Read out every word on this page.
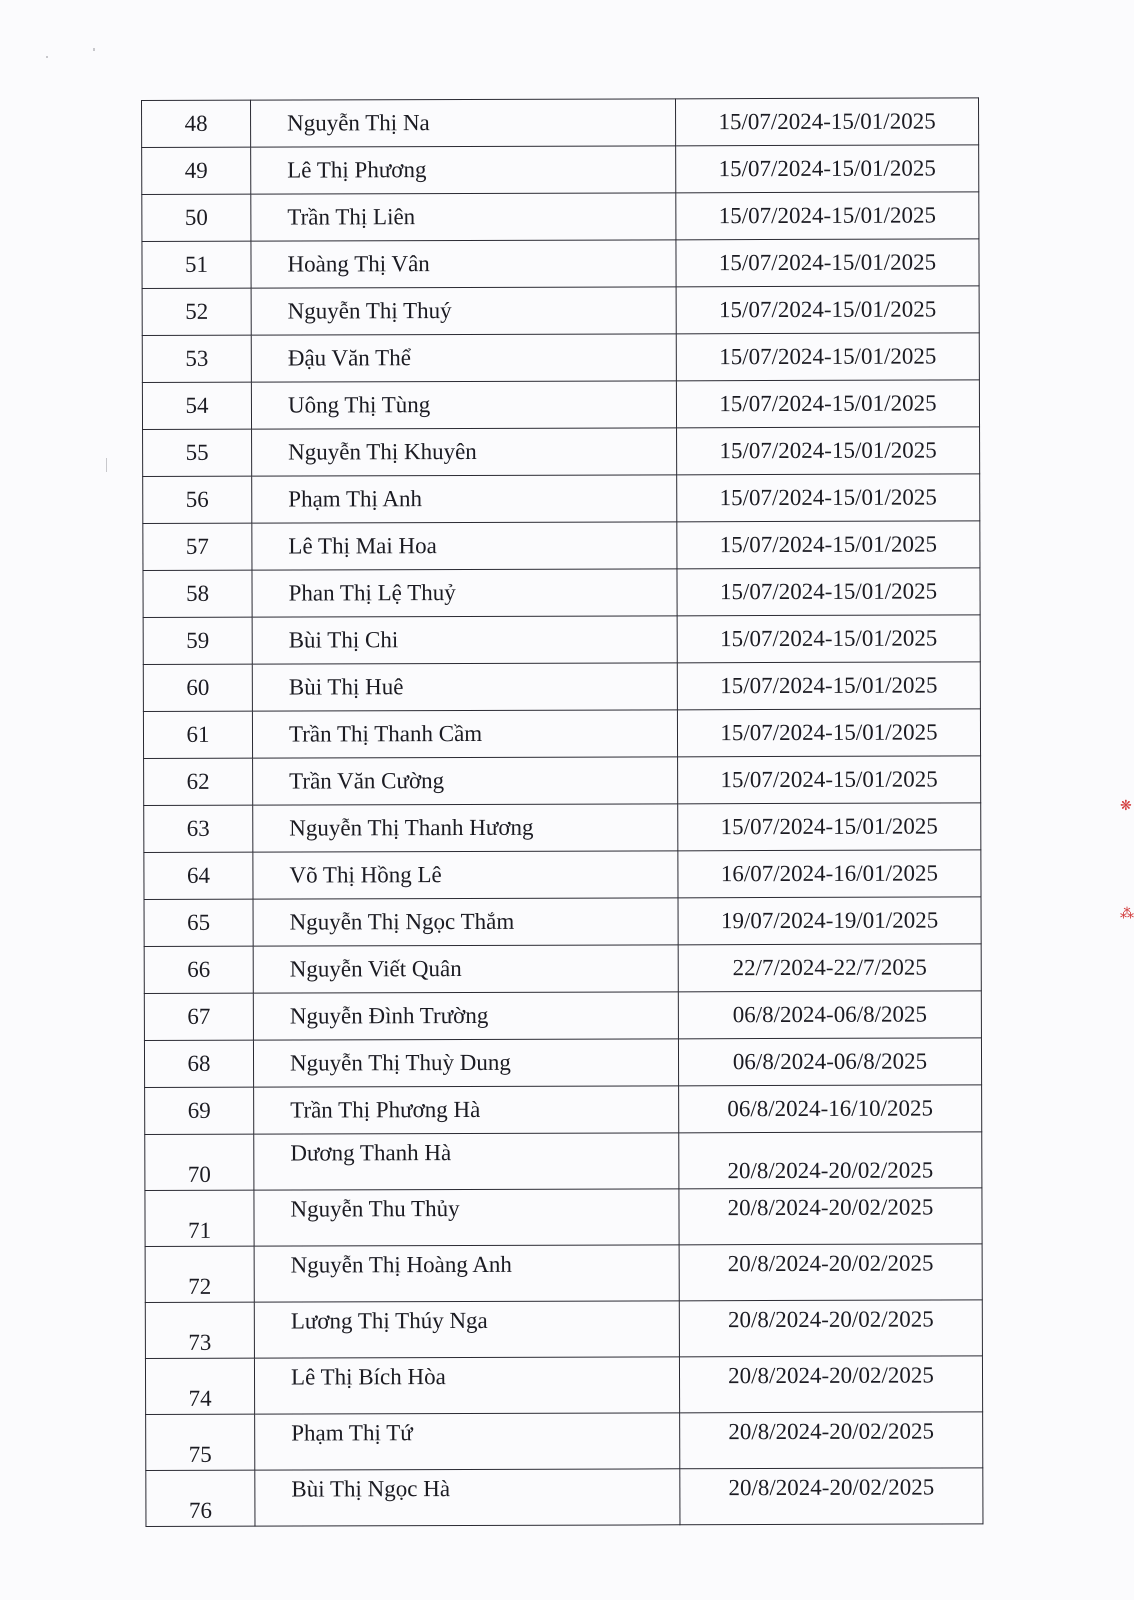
48	Nguyễn Thị Na	15/07/2024-15/01/2025
49	Lê Thị Phương	15/07/2024-15/01/2025
50	Trần Thị Liên	15/07/2024-15/01/2025
51	Hoàng Thị Vân	15/07/2024-15/01/2025
52	Nguyễn Thị Thuý	15/07/2024-15/01/2025
53	Đậu Văn Thể	15/07/2024-15/01/2025
54	Uông Thị Tùng	15/07/2024-15/01/2025
55	Nguyễn Thị Khuyên	15/07/2024-15/01/2025
56	Phạm Thị Anh	15/07/2024-15/01/2025
57	Lê Thị Mai Hoa	15/07/2024-15/01/2025
58	Phan Thị Lệ Thuỷ	15/07/2024-15/01/2025
59	Bùi Thị Chi	15/07/2024-15/01/2025
60	Bùi Thị Huê	15/07/2024-15/01/2025
61	Trần Thị Thanh Cầm	15/07/2024-15/01/2025
62	Trần Văn Cường	15/07/2024-15/01/2025
63	Nguyễn Thị Thanh Hương	15/07/2024-15/01/2025
64	Võ Thị Hồng Lê	16/07/2024-16/01/2025
65	Nguyễn Thị Ngọc Thắm	19/07/2024-19/01/2025
66	Nguyễn Viết Quân	22/7/2024-22/7/2025
67	Nguyễn Đình Trường	06/8/2024-06/8/2025
68	Nguyễn Thị Thuỳ Dung	06/8/2024-06/8/2025
69	Trần Thị Phương Hà	06/8/2024-16/10/2025
70	Dương Thanh Hà	20/8/2024-20/02/2025
71	Nguyễn Thu Thủy	20/8/2024-20/02/2025
72	Nguyễn Thị Hoàng Anh	20/8/2024-20/02/2025
73	Lương Thị Thúy Nga	20/8/2024-20/02/2025
74	Lê Thị Bích Hòa	20/8/2024-20/02/2025
75	Phạm Thị Tứ	20/8/2024-20/02/2025
76	Bùi Thị Ngọc Hà	20/8/2024-20/02/2025
❋
⁂
